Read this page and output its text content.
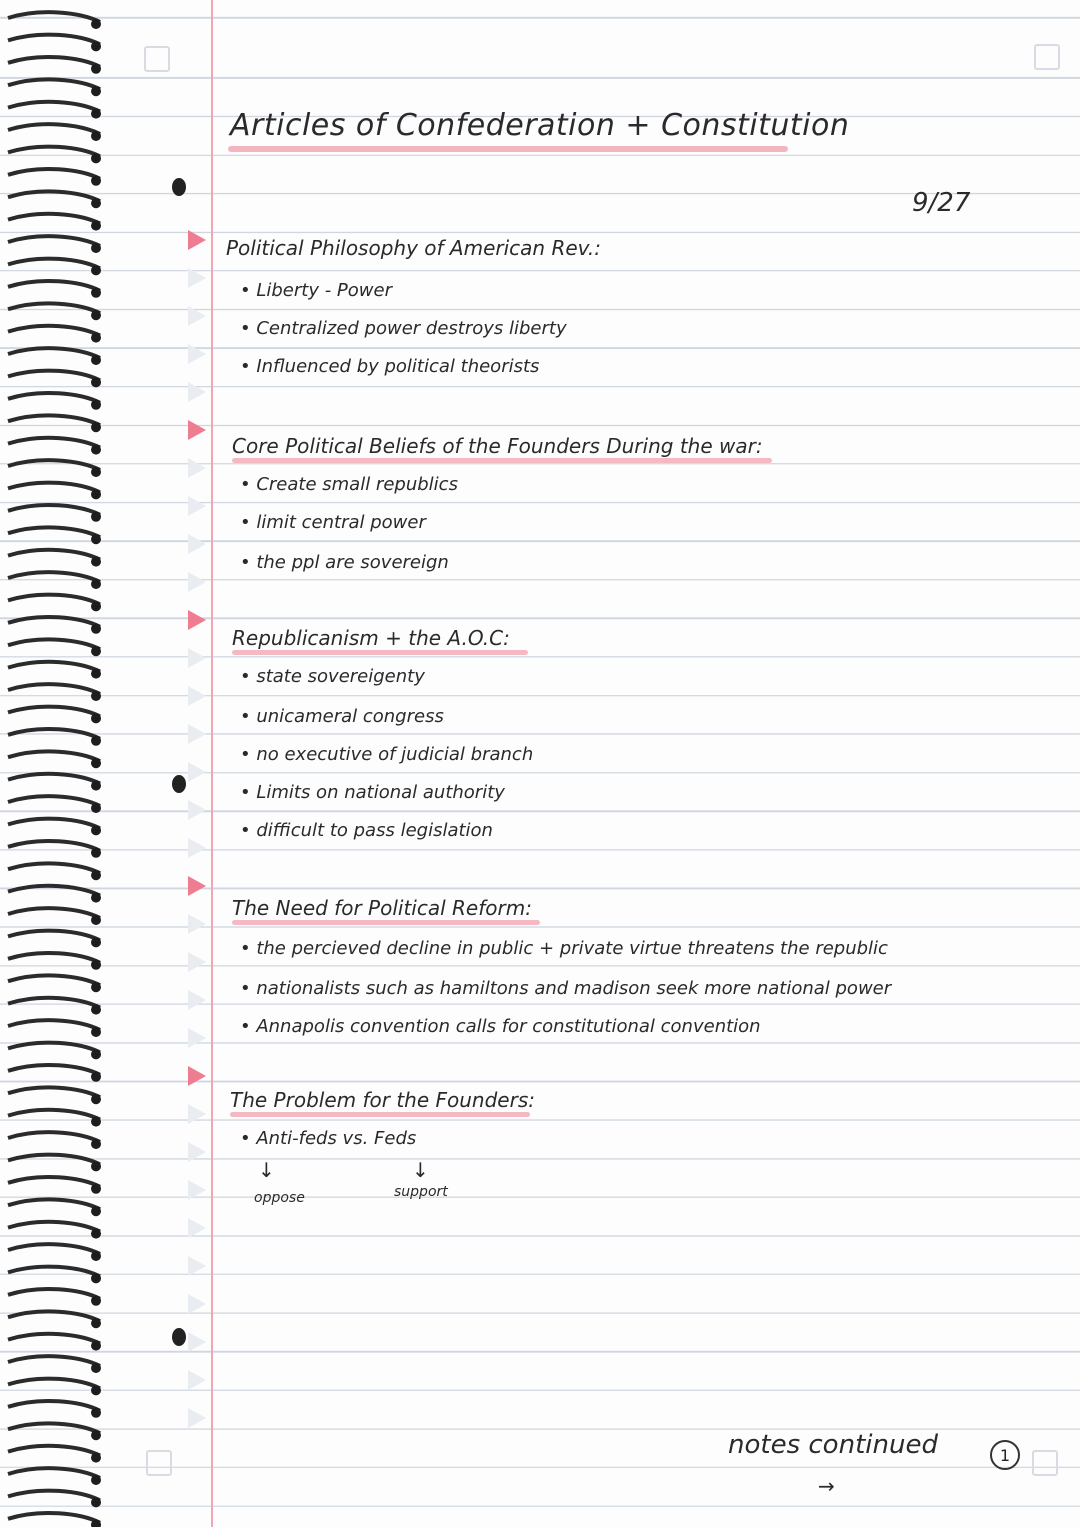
Articles of Confederation + Constitution
9/27
Political Philosophy of American Rev.:
• Liberty - Power
• Centralized power destroys liberty
• Influenced by political theorists
Core Political Beliefs of the Founders During the war:
• Create small republics
• limit central power
• the ppl are sovereign
Republicanism + the A.O.C:
• state sovereigenty
• unicameral congress
• no executive of judicial branch
• Limits on national authority
• difficult to pass legislation
The Need for Political Reform:
• the percieved decline in public + private virtue threatens the republic
• nationalists such as hamiltons and madison seek more national power
• Annapolis convention calls for constitutional convention
The Problem for the Founders:
• Anti-feds vs. Feds
↓	↓
oppose	support
notes continued
→
1
